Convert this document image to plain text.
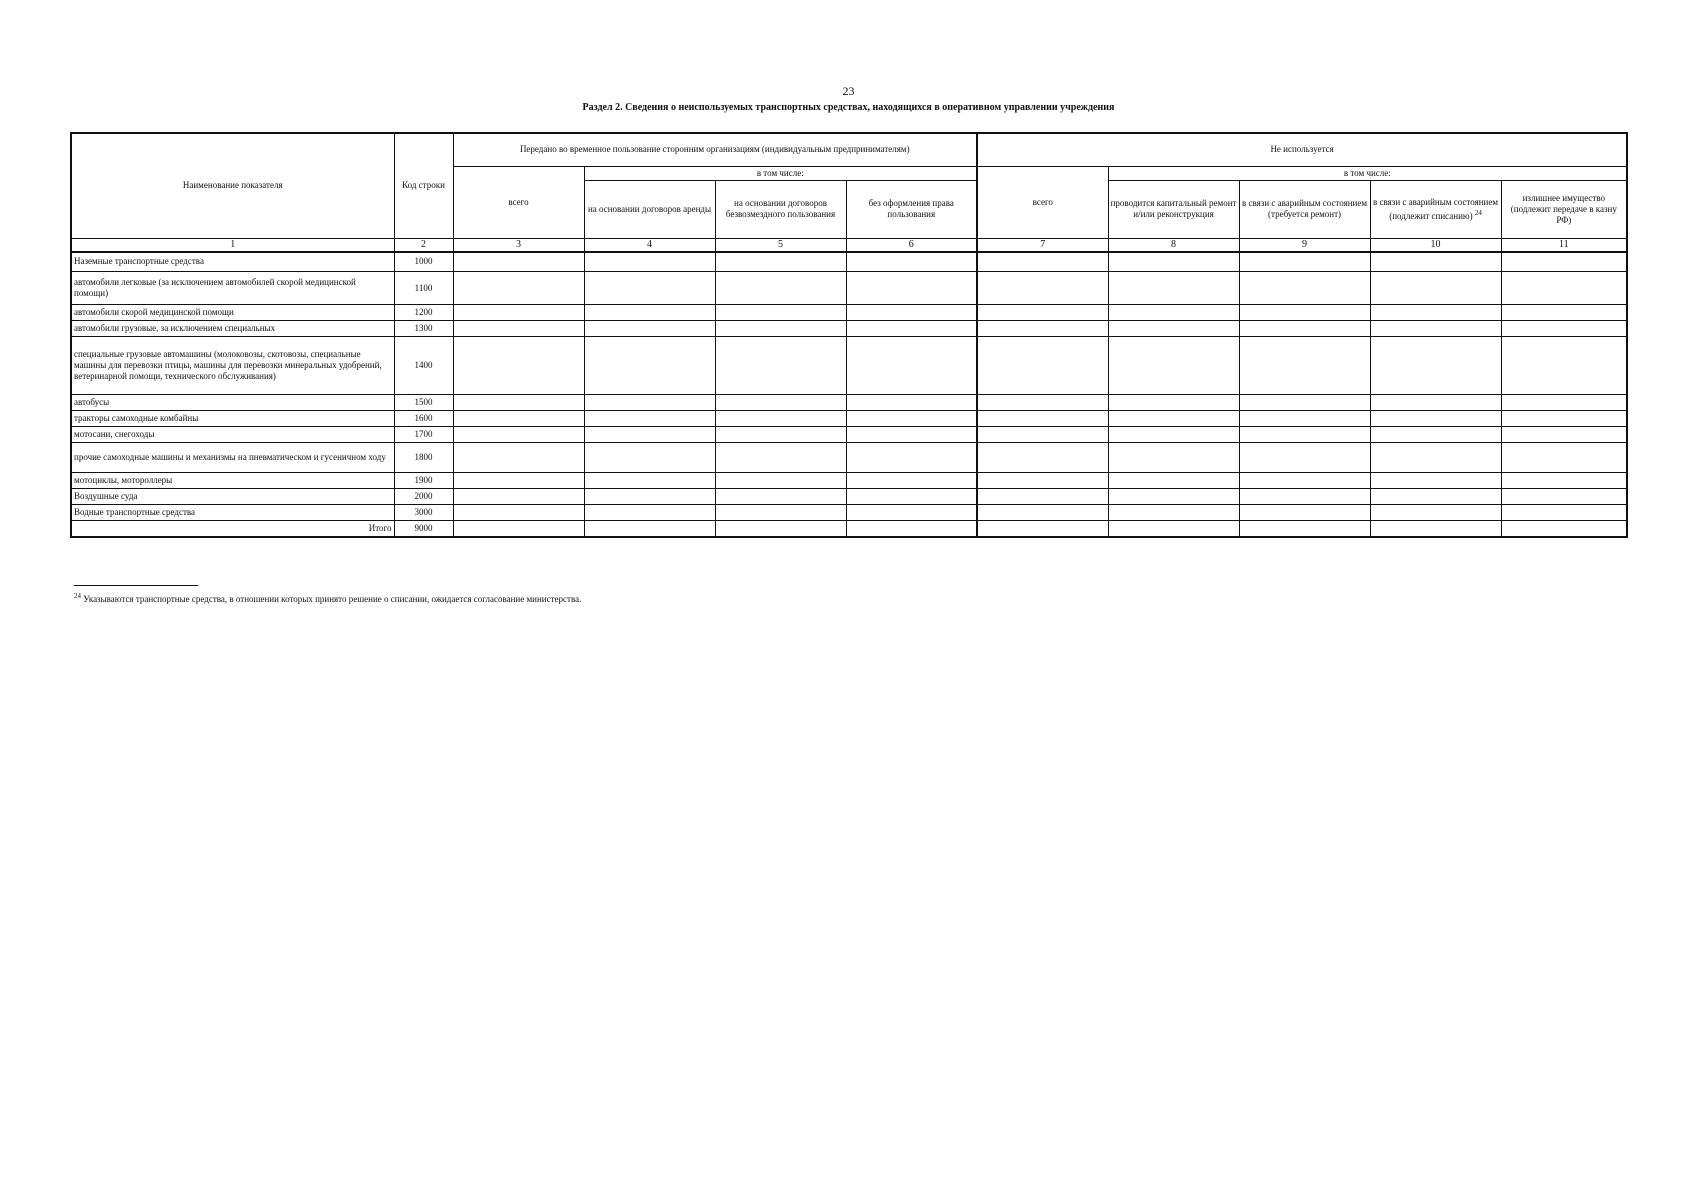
23
Раздел 2. Сведения о неиспользуемых транспортных средствах, находящихся в оперативном управлении учреждения
Наименование показателя	Код строки	Передано во временное пользование сторонним организациям (индивидуальным предпринимателям)				Не используется				
		всего	в том числе:			всего	в том числе:			
			на основании договоров аренды	на основании договоров безвозмездного пользования	без оформления права пользования		проводится капитальный ремонт и/или реконструкция	в связи с аварийным состоянием (требуется ремонт)	в связи с аварийным состоянием (подлежит списанию) $^{24}$	излишнее имущество (подлежит передаче в казну РФ)
1	2	3	4	5	6	7	8	9	10	11
Наземные транспортные средства	1000									
автомобили легковые (за исключением автомобилей скорой медицинской помощи)	1100									
автомобили скорой медицинской помощи	1200									
автомобили грузовые, за исключением специальных	1300									
специальные грузовые автомашины (молоковозы, скотовозы, специальные машины для перевозки птицы, машины для перевозки минеральных удобрений, ветеринарной помощи, технического обслуживания)	1400									
автобусы	1500									
тракторы самоходные комбайны	1600									
мотосани, снегоходы	1700									
прочие самоходные машины и механизмы на пневматическом и гусеничном ходу	1800									
мотоциклы, мотороллеры	1900									
Воздушные суда	2000									
Водные транспортные средства	3000									
Итого	9000									
$^{24}$ Указываются транспортные средства, в отношении которых принято решение о списании, ожидается согласование министерства.
